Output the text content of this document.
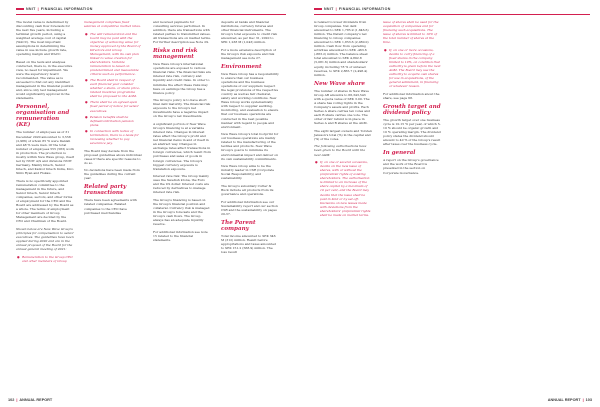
NNIT | FINANCIAL INFORMATION

The model value is determined by discounting cash flow forecasts for the next five years, including a terminal growth period, using a weighted average cost of capital (WACC). The most important assumptions in determining the value in use include growth rate, operating margin and WACC.

Based on the tests and analyses conducted, there is, in the executive view, no need for impairment. We were the supervisory board recommended. The value as is exceeded to find out any identified management in the financial position and, since only test management would significantly approval in the statements.

Personnel, organisation and remuneration (KE)

The number of employees as of 31 December 2020 amounted to 3,558 (2,986) of whom 85 % were Danish and 48 % were men. Of the total number of employees 555 (583) work in production. The production is mostly within New Wave group, itself led by NNIT A/S and divisions NNIT Germany, Mainly Intech, Senior Intech, and Kantor Intech India, Kivo Xiiiix Ryan and Fiskau.

There is no specifically appointed remuneration committee to the management in the future, and Senior Intech, Senior Intech companies, sectors, and other forms of employment for the CEO and the Board are addressed by the Board as a whole. The terms of employment for other members of Group Management are decided by the CEO and Chairman of the Board.

Shown below are New Wave Group's principles for compensation to senior executives. The guidelines have been applied during 2020 and are in the annual proposal of the Board for the annual general meeting of 2021:

● Remuneration to the Group CEO and other members of Group

management comprises fixed salaries at competitive market rates.

● The will remuneration and the board may be paid with the objective of achieving value for money approved by the Board of Directors and Group Management, with its own plan linked to value creation for shareholders. Variable remuneration is based on predetermined and measurable criteria such as performance.
● The Board shall in respect of each financial year consider whether a share- or share price-related incentive programme shall be proposed to the AGM.
● There shall be an agreed-upon fixed period of notice for senior executives.
● Pension benefits shall be definedcontribution pension plans.
● In connection with notice of termination, there is a basis for reviewing whether to pay severance pay.

The Board may deviate from the proposed guidelines above individual cases if there are specific reasons to do so.

No deviations have been made from the guidelines during the current year.

Related party transactions

There have been agreements with related companies. Related companies to the CEO have purchased merchandise

and received payments for consulting services performed. In addition, there are transactions with related parties to transmitted values. All transactions are on market terms. For further description see Note 29.

Risks and risk management

New Wave Group's international operations are exposed to various financial risks. The financial risks are interest rate risk, currency and liquidity and credit risks. In order to minimize the effect these risks may have on earnings the Group has a finance policy.

The Group's policy is to have short final debt maturity. The financial risk exposure to the Group's net investments have a negative impact on the Group's net investments.

A significant portion of New Wave Group's financing is at a variable interest rate. Changes in interest rates affect the Group's profit and net financial items in and of itself in an abstract way. Changes in exchange rates affect transactions in foreign currencies, which result from purchases and sales of goods in foreign currencies. The Group's biggest currency exposure is translation exposure.

Interest rate risk: The Group mainly uses the Swedish krona, the Euro and the US dollar. Interest costs are reduced by derivatives to manage interest rate risk.

The Group's financing is based on the Group's financial position and collateral. Currency risk is managed in the Group's forecasts and the Group's cash flows. The Group always has an adequate liquidity reserve.

For additional information see note 15 related to the financial statements.

deposits at banks and financial institutions, currency futures and other financial instruments. The Group's total exposure to credit risk amounted, as per Dec 31, 2020 to SEK 1,238 M (1,043) million.

For a more extensive description of the Group's risk exposure and risk management see note 27.

Environment

New Wave Group has a responsibility to ensure that our business operations and the business operations of our suppliers respect the legal provisions of the respective country as well as fair chemical, safety and working conditions. New Wave Group works systematically with respect to supplier auditing, monitoring, and evaluation to ensure that our business operations are conducted in the best possible manner with regard to people and environment.

New Wave Group's total footprint for our business operations are mainly related to the manufacturing of the textiles and products. New Wave Group's goal is to minimize its environmental impact and deliver on its own sustainability commitments.

New Wave Group aims to be the industry leader in CSR (Corporate Social Responsibility) and sustainability.

The Group's subsidiary Cutter & Buck include all products from its governance and operations.

For additional information see our Sustainability report and our section CSR and the sustainability on pages 20-37.

The Parent company

Total income amounted to SEK 346 M (312) million. Result before appropriations and taxes amounted to SEK 151.2 (568.9) million. The loss result

102 | ANNUAL REPORT
NNIT | FINANCIAL INFORMATION

is related to lower dividends from Group companies. Net debt amounted to SEK 1,785.9 (1,846.6) million. The Parent company's net financing to Group companies amounted to SEK 1,853.6 (2,080.0) million. Cash flow from operating activities amounted to SEK -463.6 (-883.2) million. The balance sheet total amounted to SEK 4,892.8 (5,081.6) million and shareholders' equity, including 78 % of untaxed reserves, to SEK 2,865.7 (2,498.4) million.

New Wave share

The number of shares in New Wave Group AB amounts to 66,343,543 with a quota value of SEK 3.00. The A share has voting rights in the Company's assets and profits. Each Series A share carries ten votes and each B share carries one vote. The order of fair refund is in place in Series A and B shares at the AGM.

The eight largest owners and Torsten Jansson's total (%) in the capital and (%) of the votes.

The following authorisations have been given to the Board until the next AGM:

● If, on one or several occasions, decide on the new issue of shares, with or without the preferential rights of existing shareholders. The authorisation is limited to an increase of the share capital by a maximum of 10 per cent, and the Board may decide that the issue shall be paid in kind or by set-off. Decisions on new issues made with deviations from the shareholders' preferential rights shall be made on market terms.

issue of shares shall be used for the acquisition of companies and for financing such acquisitions. The issue of shares is limited to 10% of the total number of shares at the time.

● If, on one or more occasions, decide to carry financing of a fixed shares in the company limited to 10%, on condition that authority is given before the next AGM. The Board may use the authority to acquire own shares for use in acquisitions, of the general settlement, in financing or whatever reason.

For additional information about the share, see page 68.

Growth target and dividend policy

The growth target over one business cycle is 10-15 % per year, of which 5-10 % should be organic growth and 10 % operating margin. The dividend policy states the dividend should amount to 40 % of the Group's result after taxes over the business cycle.

In general

A report on the Group's governance and the work of the Board is presented in the section on Corporate Governance.

ANNUAL REPORT | 103
